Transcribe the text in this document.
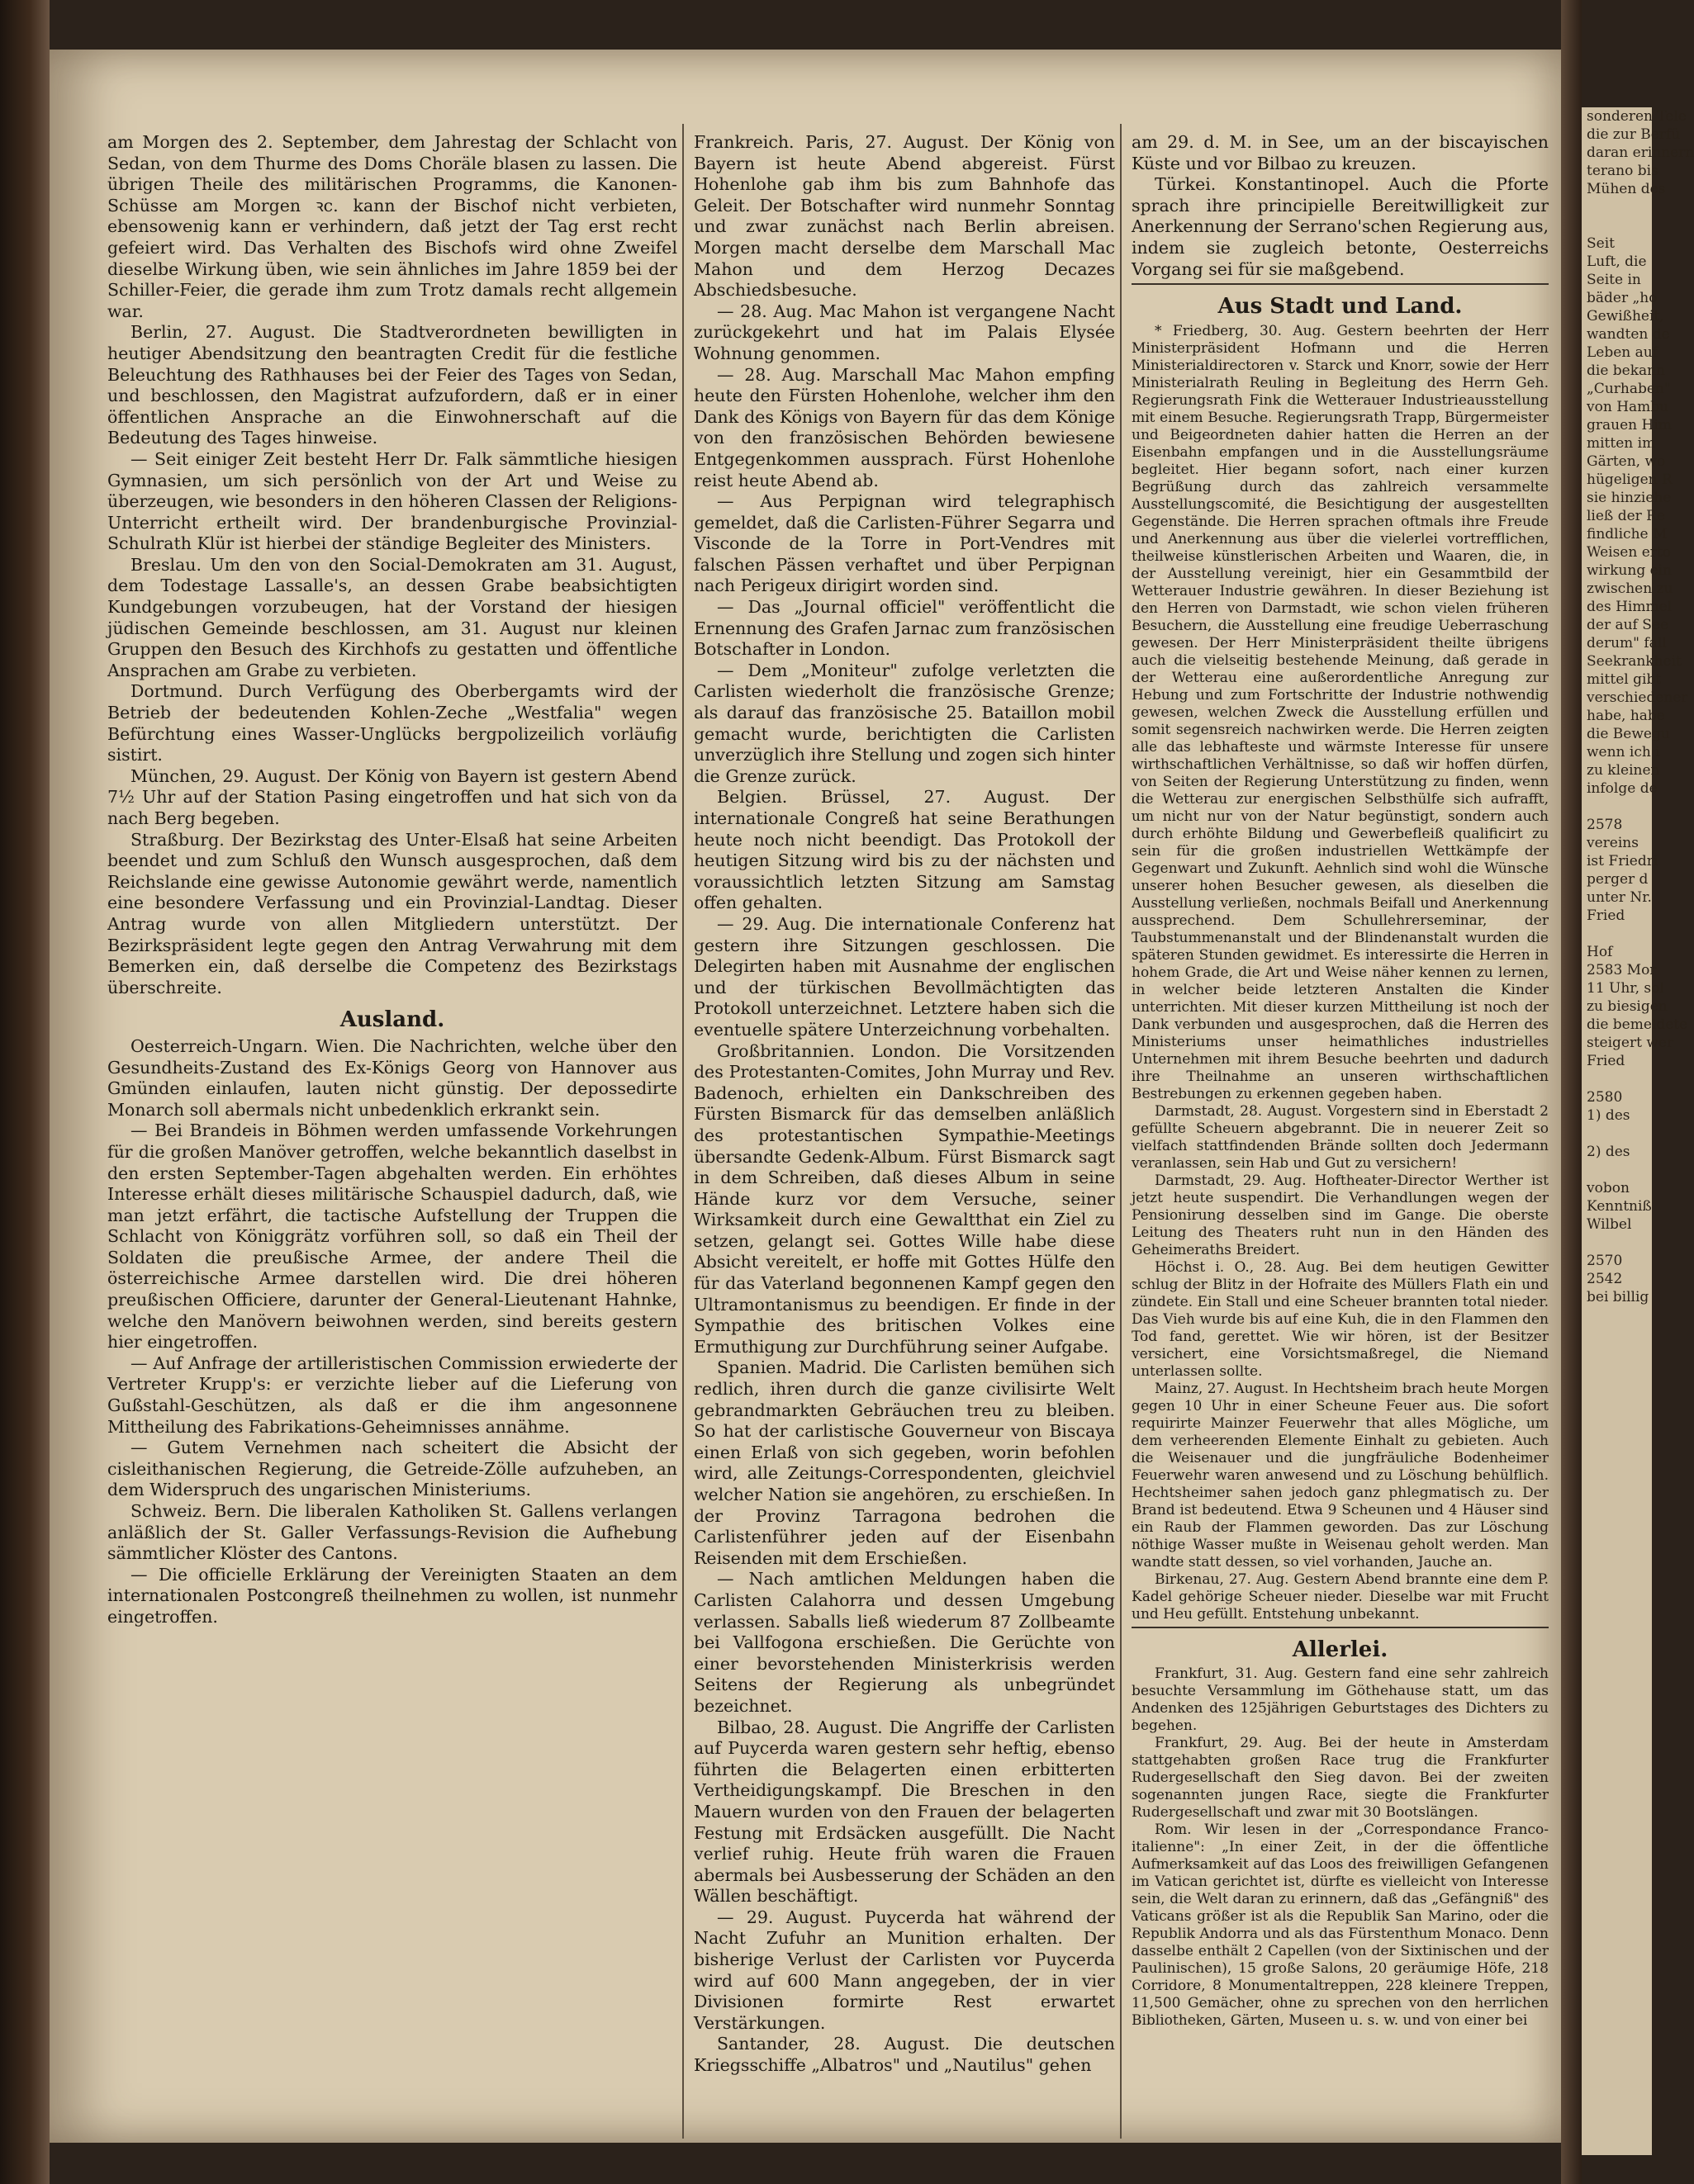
sonderen Tele
die zur Berfü
daran erinnern
terano bis
Mühen des

Seit
Luft, die
Seite in
bäder „ho
Gewißheit,
wandten de
Leben auf
die bekann
„Curhaben"
von Hambu
grauen Him
mitten im
Gärten, wo
hügeligen R
sie hinziehe
ließ der Re
findliche M
Weisen erto
wirkung ein
zwischen zu
des Himmel
der auf See
derum" fall
Seekrankheit
mittel gibt
verschiedener
habe, habe
die Bewegu
wenn ich i
zu kleinen
infolge de

2578
vereins
ist Friedri
perger d
unter Nr.
Fried

Hof
2583 Mor
11 Uhr, sol
zu biesigen
die bemeldete
steigert wer
Fried

2580
1) des

2) des

vobon
Kenntniß
Wilbel

2570
2542
bei billig

am Morgen des 2. September, dem Jahrestag der Schlacht von Sedan, von dem Thurme des Doms Choräle blasen zu lassen. Die übrigen Theile des militärischen Programms, die Kanonen-Schüsse am Morgen ꝛc. kann der Bischof nicht verbieten, ebensowenig kann er verhindern, daß jetzt der Tag erst recht gefeiert wird. Das Verhalten des Bischofs wird ohne Zweifel dieselbe Wirkung üben, wie sein ähnliches im Jahre 1859 bei der Schiller-Feier, die gerade ihm zum Trotz damals recht allgemein war.

Berlin, 27. August. Die Stadtverordneten bewilligten in heutiger Abendsitzung den beantragten Credit für die festliche Beleuchtung des Rathhauses bei der Feier des Tages von Sedan, und beschlossen, den Magistrat aufzufordern, daß er in einer öffentlichen Ansprache an die Einwohnerschaft auf die Bedeutung des Tages hinweise.

— Seit einiger Zeit besteht Herr Dr. Falk sämmtliche hiesigen Gymnasien, um sich persönlich von der Art und Weise zu überzeugen, wie besonders in den höheren Classen der Religions-Unterricht ertheilt wird. Der brandenburgische Provinzial-Schulrath Klür ist hierbei der ständige Begleiter des Ministers.

Breslau. Um den von den Social-Demokraten am 31. August, dem Todestage Lassalle's, an dessen Grabe beabsichtigten Kundgebungen vorzubeugen, hat der Vorstand der hiesigen jüdischen Gemeinde beschlossen, am 31. August nur kleinen Gruppen den Besuch des Kirchhofs zu gestatten und öffentliche Ansprachen am Grabe zu verbieten.

Dortmund. Durch Verfügung des Oberbergamts wird der Betrieb der bedeutenden Kohlen-Zeche „Westfalia" wegen Befürchtung eines Wasser-Unglücks bergpolizeilich vorläufig sistirt.

München, 29. August. Der König von Bayern ist gestern Abend 7½ Uhr auf der Station Pasing eingetroffen und hat sich von da nach Berg begeben.

Straßburg. Der Bezirkstag des Unter-Elsaß hat seine Arbeiten beendet und zum Schluß den Wunsch ausgesprochen, daß dem Reichslande eine gewisse Autonomie gewährt werde, namentlich eine besondere Verfassung und ein Provinzial-Landtag. Dieser Antrag wurde von allen Mitgliedern unterstützt. Der Bezirkspräsident legte gegen den Antrag Verwahrung mit dem Bemerken ein, daß derselbe die Competenz des Bezirkstags überschreite.

Ausland.

Oesterreich-Ungarn. Wien. Die Nachrichten, welche über den Gesundheits-Zustand des Ex-Königs Georg von Hannover aus Gmünden einlaufen, lauten nicht günstig. Der depossedirte Monarch soll abermals nicht unbedenklich erkrankt sein.

— Bei Brandeis in Böhmen werden umfassende Vorkehrungen für die großen Manöver getroffen, welche bekanntlich daselbst in den ersten September-Tagen abgehalten werden. Ein erhöhtes Interesse erhält dieses militärische Schauspiel dadurch, daß, wie man jetzt erfährt, die tactische Aufstellung der Truppen die Schlacht von Königgrätz vorführen soll, so daß ein Theil der Soldaten die preußische Armee, der andere Theil die österreichische Armee darstellen wird. Die drei höheren preußischen Officiere, darunter der General-Lieutenant Hahnke, welche den Manövern beiwohnen werden, sind bereits gestern hier eingetroffen.

— Auf Anfrage der artilleristischen Commission erwiederte der Vertreter Krupp's: er verzichte lieber auf die Lieferung von Gußstahl-Geschützen, als daß er die ihm angesonnene Mittheilung des Fabrikations-Geheimnisses annähme.

— Gutem Vernehmen nach scheitert die Absicht der cisleithanischen Regierung, die Getreide-Zölle aufzuheben, an dem Widerspruch des ungarischen Ministeriums.

Schweiz. Bern. Die liberalen Katholiken St. Gallens verlangen anläßlich der St. Galler Verfassungs-Revision die Aufhebung sämmtlicher Klöster des Cantons.

— Die officielle Erklärung der Vereinigten Staaten an dem internationalen Postcongreß theilnehmen zu wollen, ist nunmehr eingetroffen.

Frankreich. Paris, 27. August. Der König von Bayern ist heute Abend abgereist. Fürst Hohenlohe gab ihm bis zum Bahnhofe das Geleit. Der Botschafter wird nunmehr Sonntag und zwar zunächst nach Berlin abreisen. Morgen macht derselbe dem Marschall Mac Mahon und dem Herzog Decazes Abschiedsbesuche.

— 28. Aug. Mac Mahon ist vergangene Nacht zurückgekehrt und hat im Palais Elysée Wohnung genommen.

— 28. Aug. Marschall Mac Mahon empfing heute den Fürsten Hohenlohe, welcher ihm den Dank des Königs von Bayern für das dem Könige von den französischen Behörden bewiesene Entgegenkommen aussprach. Fürst Hohenlohe reist heute Abend ab.

— Aus Perpignan wird telegraphisch gemeldet, daß die Carlisten-Führer Segarra und Visconde de la Torre in Port-Vendres mit falschen Pässen verhaftet und über Perpignan nach Perigeux dirigirt worden sind.

— Das „Journal officiel" veröffentlicht die Ernennung des Grafen Jarnac zum französischen Botschafter in London.

— Dem „Moniteur" zufolge verletzten die Carlisten wiederholt die französische Grenze; als darauf das französische 25. Bataillon mobil gemacht wurde, berichtigten die Carlisten unverzüglich ihre Stellung und zogen sich hinter die Grenze zurück.

Belgien. Brüssel, 27. August. Der internationale Congreß hat seine Berathungen heute noch nicht beendigt. Das Protokoll der heutigen Sitzung wird bis zu der nächsten und voraussichtlich letzten Sitzung am Samstag offen gehalten.

— 29. Aug. Die internationale Conferenz hat gestern ihre Sitzungen geschlossen. Die Delegirten haben mit Ausnahme der englischen und der türkischen Bevollmächtigten das Protokoll unterzeichnet. Letztere haben sich die eventuelle spätere Unterzeichnung vorbehalten.

Großbritannien. London. Die Vorsitzenden des Protestanten-Comites, John Murray und Rev. Badenoch, erhielten ein Dankschreiben des Fürsten Bismarck für das demselben anläßlich des protestantischen Sympathie-Meetings übersandte Gedenk-Album. Fürst Bismarck sagt in dem Schreiben, daß dieses Album in seine Hände kurz vor dem Versuche, seiner Wirksamkeit durch eine Gewaltthat ein Ziel zu setzen, gelangt sei. Gottes Wille habe diese Absicht vereitelt, er hoffe mit Gottes Hülfe den für das Vaterland begonnenen Kampf gegen den Ultramontanismus zu beendigen. Er finde in der Sympathie des britischen Volkes eine Ermuthigung zur Durchführung seiner Aufgabe.

Spanien. Madrid. Die Carlisten bemühen sich redlich, ihren durch die ganze civilisirte Welt gebrandmarkten Gebräuchen treu zu bleiben. So hat der carlistische Gouverneur von Biscaya einen Erlaß von sich gegeben, worin befohlen wird, alle Zeitungs-Correspondenten, gleichviel welcher Nation sie angehören, zu erschießen. In der Provinz Tarragona bedrohen die Carlistenführer jeden auf der Eisenbahn Reisenden mit dem Erschießen.

— Nach amtlichen Meldungen haben die Carlisten Calahorra und dessen Umgebung verlassen. Saballs ließ wiederum 87 Zollbeamte bei Vallfogona erschießen. Die Gerüchte von einer bevorstehenden Ministerkrisis werden Seitens der Regierung als unbegründet bezeichnet.

Bilbao, 28. August. Die Angriffe der Carlisten auf Puycerda waren gestern sehr heftig, ebenso führten die Belagerten einen erbitterten Vertheidigungskampf. Die Breschen in den Mauern wurden von den Frauen der belagerten Festung mit Erdsäcken ausgefüllt. Die Nacht verlief ruhig. Heute früh waren die Frauen abermals bei Ausbesserung der Schäden an den Wällen beschäftigt.

— 29. August. Puycerda hat während der Nacht Zufuhr an Munition erhalten. Der bisherige Verlust der Carlisten vor Puycerda wird auf 600 Mann angegeben, der in vier Divisionen formirte Rest erwartet Verstärkungen.

Santander, 28. August. Die deutschen Kriegsschiffe „Albatros" und „Nautilus" gehen

am 29. d. M. in See, um an der biscayischen Küste und vor Bilbao zu kreuzen.

Türkei. Konstantinopel. Auch die Pforte sprach ihre principielle Bereitwilligkeit zur Anerkennung der Serrano'schen Regierung aus, indem sie zugleich betonte, Oesterreichs Vorgang sei für sie maßgebend.

Aus Stadt und Land.

* Friedberg, 30. Aug. Gestern beehrten der Herr Ministerpräsident Hofmann und die Herren Ministerialdirectoren v. Starck und Knorr, sowie der Herr Ministerialrath Reuling in Begleitung des Herrn Geh. Regierungsrath Fink die Wetterauer Industrieausstellung mit einem Besuche. Regierungsrath Trapp, Bürgermeister und Beigeordneten dahier hatten die Herren an der Eisenbahn empfangen und in die Ausstellungsräume begleitet. Hier begann sofort, nach einer kurzen Begrüßung durch das zahlreich versammelte Ausstellungscomité, die Besichtigung der ausgestellten Gegenstände. Die Herren sprachen oftmals ihre Freude und Anerkennung aus über die vielerlei vortrefflichen, theilweise künstlerischen Arbeiten und Waaren, die, in der Ausstellung vereinigt, hier ein Gesammtbild der Wetterauer Industrie gewähren. In dieser Beziehung ist den Herren von Darmstadt, wie schon vielen früheren Besuchern, die Ausstellung eine freudige Ueberraschung gewesen. Der Herr Ministerpräsident theilte übrigens auch die vielseitig bestehende Meinung, daß gerade in der Wetterau eine außerordentliche Anregung zur Hebung und zum Fortschritte der Industrie nothwendig gewesen, welchen Zweck die Ausstellung erfüllen und somit segensreich nachwirken werde. Die Herren zeigten alle das lebhafteste und wärmste Interesse für unsere wirthschaftlichen Verhältnisse, so daß wir hoffen dürfen, von Seiten der Regierung Unterstützung zu finden, wenn die Wetterau zur energischen Selbsthülfe sich aufrafft, um nicht nur von der Natur begünstigt, sondern auch durch erhöhte Bildung und Gewerbefleiß qualificirt zu sein für die großen industriellen Wettkämpfe der Gegenwart und Zukunft. Aehnlich sind wohl die Wünsche unserer hohen Besucher gewesen, als dieselben die Ausstellung verließen, nochmals Beifall und Anerkennung aussprechend. Dem Schullehrerseminar, der Taubstummenanstalt und der Blindenanstalt wurden die späteren Stunden gewidmet. Es interessirte die Herren in hohem Grade, die Art und Weise näher kennen zu lernen, in welcher beide letzteren Anstalten die Kinder unterrichten. Mit dieser kurzen Mittheilung ist noch der Dank verbunden und ausgesprochen, daß die Herren des Ministeriums unser heimathliches industrielles Unternehmen mit ihrem Besuche beehrten und dadurch ihre Theilnahme an unseren wirthschaftlichen Bestrebungen zu erkennen gegeben haben.

Darmstadt, 28. August. Vorgestern sind in Eberstadt 2 gefüllte Scheuern abgebrannt. Die in neuerer Zeit so vielfach stattfindenden Brände sollten doch Jedermann veranlassen, sein Hab und Gut zu versichern!

Darmstadt, 29. Aug. Hoftheater-Director Werther ist jetzt heute suspendirt. Die Verhandlungen wegen der Pensionirung desselben sind im Gange. Die oberste Leitung des Theaters ruht nun in den Händen des Geheimeraths Breidert.

Höchst i. O., 28. Aug. Bei dem heutigen Gewitter schlug der Blitz in der Hofraite des Müllers Flath ein und zündete. Ein Stall und eine Scheuer brannten total nieder. Das Vieh wurde bis auf eine Kuh, die in den Flammen den Tod fand, gerettet. Wie wir hören, ist der Besitzer versichert, eine Vorsichtsmaßregel, die Niemand unterlassen sollte.

Mainz, 27. August. In Hechtsheim brach heute Morgen gegen 10 Uhr in einer Scheune Feuer aus. Die sofort requirirte Mainzer Feuerwehr that alles Mögliche, um dem verheerenden Elemente Einhalt zu gebieten. Auch die Weisenauer und die jungfräuliche Bodenheimer Feuerwehr waren anwesend und zu Löschung behülflich. Hechtsheimer sahen jedoch ganz phlegmatisch zu. Der Brand ist bedeutend. Etwa 9 Scheunen und 4 Häuser sind ein Raub der Flammen geworden. Das zur Löschung nöthige Wasser mußte in Weisenau geholt werden. Man wandte statt dessen, so viel vorhanden, Jauche an.

Birkenau, 27. Aug. Gestern Abend brannte eine dem P. Kadel gehörige Scheuer nieder. Dieselbe war mit Frucht und Heu gefüllt. Entstehung unbekannt.

Allerlei.

Frankfurt, 31. Aug. Gestern fand eine sehr zahlreich besuchte Versammlung im Göthehause statt, um das Andenken des 125jährigen Geburtstages des Dichters zu begehen.

Frankfurt, 29. Aug. Bei der heute in Amsterdam stattgehabten großen Race trug die Frankfurter Rudergesellschaft den Sieg davon. Bei der zweiten sogenannten jungen Race, siegte die Frankfurter Rudergesellschaft und zwar mit 30 Bootslängen.

Rom. Wir lesen in der „Correspondance Franco-italienne": „In einer Zeit, in der die öffentliche Aufmerksamkeit auf das Loos des freiwilligen Gefangenen im Vatican gerichtet ist, dürfte es vielleicht von Interesse sein, die Welt daran zu erinnern, daß das „Gefängniß" des Vaticans größer ist als die Republik San Marino, oder die Republik Andorra und als das Fürstenthum Monaco. Denn dasselbe enthält 2 Capellen (von der Sixtinischen und der Paulinischen), 15 große Salons, 20 geräumige Höfe, 218 Corridore, 8 Monumentaltreppen, 228 kleinere Treppen, 11,500 Gemächer, ohne zu sprechen von den herrlichen Bibliotheken, Gärten, Museen u. s. w. und von einer bei
